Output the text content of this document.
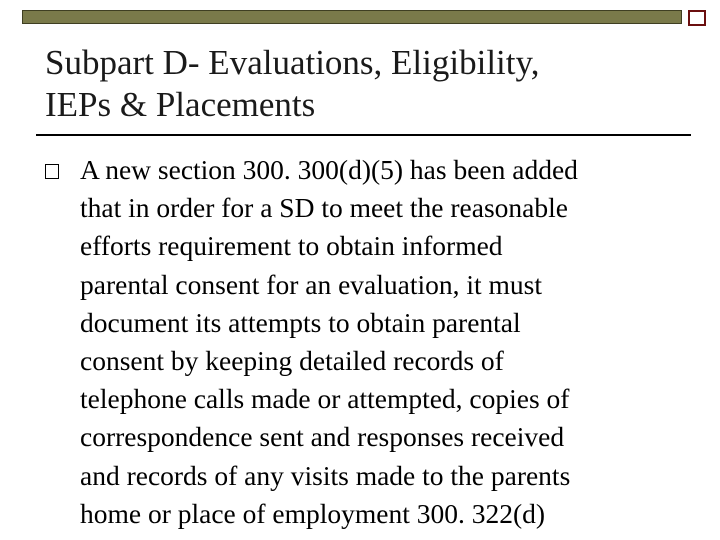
Subpart D- Evaluations, Eligibility,
IEPs & Placements

A new section 300. 300(d)(5) has been added
that in order for a SD to meet the reasonable
efforts requirement to obtain informed
parental consent for an evaluation, it must
document its attempts to obtain parental
consent by keeping detailed records of
telephone calls made or attempted, copies of
correspondence sent and responses received
and records of any visits made to the parents
home or place of employment 300. 322(d)
